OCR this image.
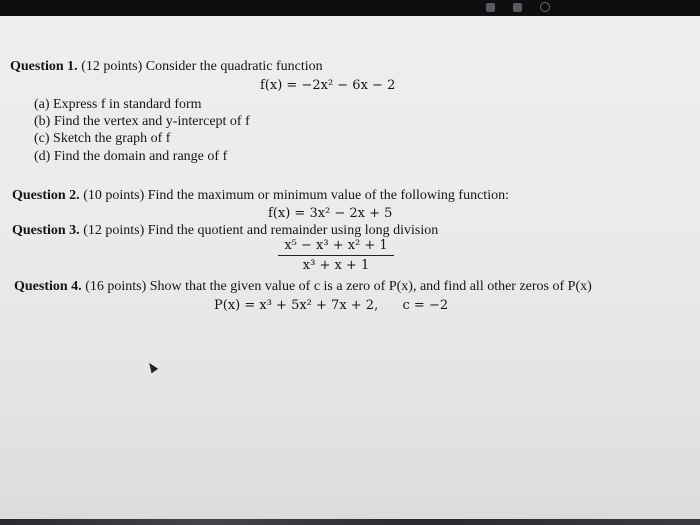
Question 1. (12 points) Consider the quadratic function
f(x) = −2x² − 6x − 2
(a) Express f in standard form
(b) Find the vertex and y-intercept of f
(c) Sketch the graph of f
(d) Find the domain and range of f
Question 2. (10 points) Find the maximum or minimum value of the following function:
f(x) = 3x² − 2x + 5
Question 3. (12 points) Find the quotient and remainder using long division
$\frac{\text{x⁵ − x³ + x² + 1}}{\text{x³ + x + 1}}$
Question 4. (16 points) Show that the given value of c is a zero of P(x), and find all other zeros of P(x)
P(x) = x³ + 5x² + 7x + 2, c = −2
